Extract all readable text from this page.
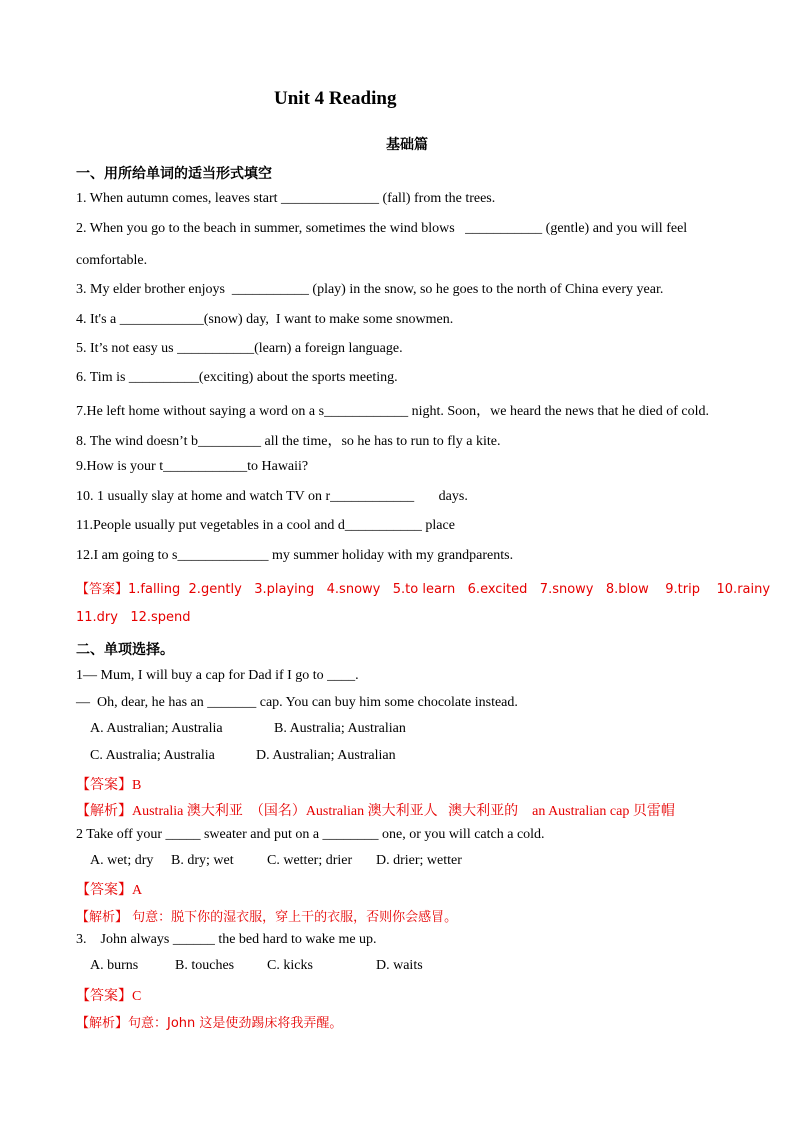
Unit 4 Reading
基础篇
一、用所给单词的适当形式填空
1. When autumn comes, leaves start ______________ (fall) from the trees.
2. When you go to the beach in summer, sometimes the wind blows   ___________ (gentle) and you will feel
comfortable.
3. My elder brother enjoys  ___________ (play) in the snow, so he goes to the north of China every year.
4. It's a ____________(snow) day,  I want to make some snowmen.
5. It’s not easy us ___________(learn) a foreign language.
6. Tim is __________(exciting) about the sports meeting.
7.He left home without saying a word on a s____________ night. Soon，we heard the news that he died of cold.
8. The wind doesn’t b_________ all the time，so he has to run to fly a kite.
9.How is your t____________to Hawaii?
10. 1 usually slay at home and watch TV on r____________       days.
11.People usually put vegetables in a cool and d___________ place
12.I am going to s_____________ my summer holiday with my grandparents.
【答案】1.falling  2.gently   3.playing   4.snowy   5.to learn   6.excited   7.snowy   8.blow    9.trip    10.rainy
11.dry   12.spend
二、单项选择。
1— Mum, I will buy a cap for Dad if I go to ____.
—  Oh, dear, he has an _______ cap. You can buy him some chocolate instead.
A. Australian; Australia	B. Australia; Australian
C. Australia; Australia	D. Australian; Australian
【答案】B
【解析】Australia 澳大利亚  （国名）Australian 澳大利亚人   澳大利亚的    an Australian cap 贝雷帽
2 Take off your _____ sweater and put on a ________ one, or you will catch a cold.
A. wet; dry B. dry; wet C. wetter; drier D. drier; wetter
【答案】A
【解析】 句意：脱下你的湿衣服，穿上干的衣服，否则你会感冒。
3.    John always ______ the bed hard to wake me up.
A. burns	B. touches C. kicks	D. waits
【答案】C
【解析】句意：John 这是使劲踢床将我弄醒。
